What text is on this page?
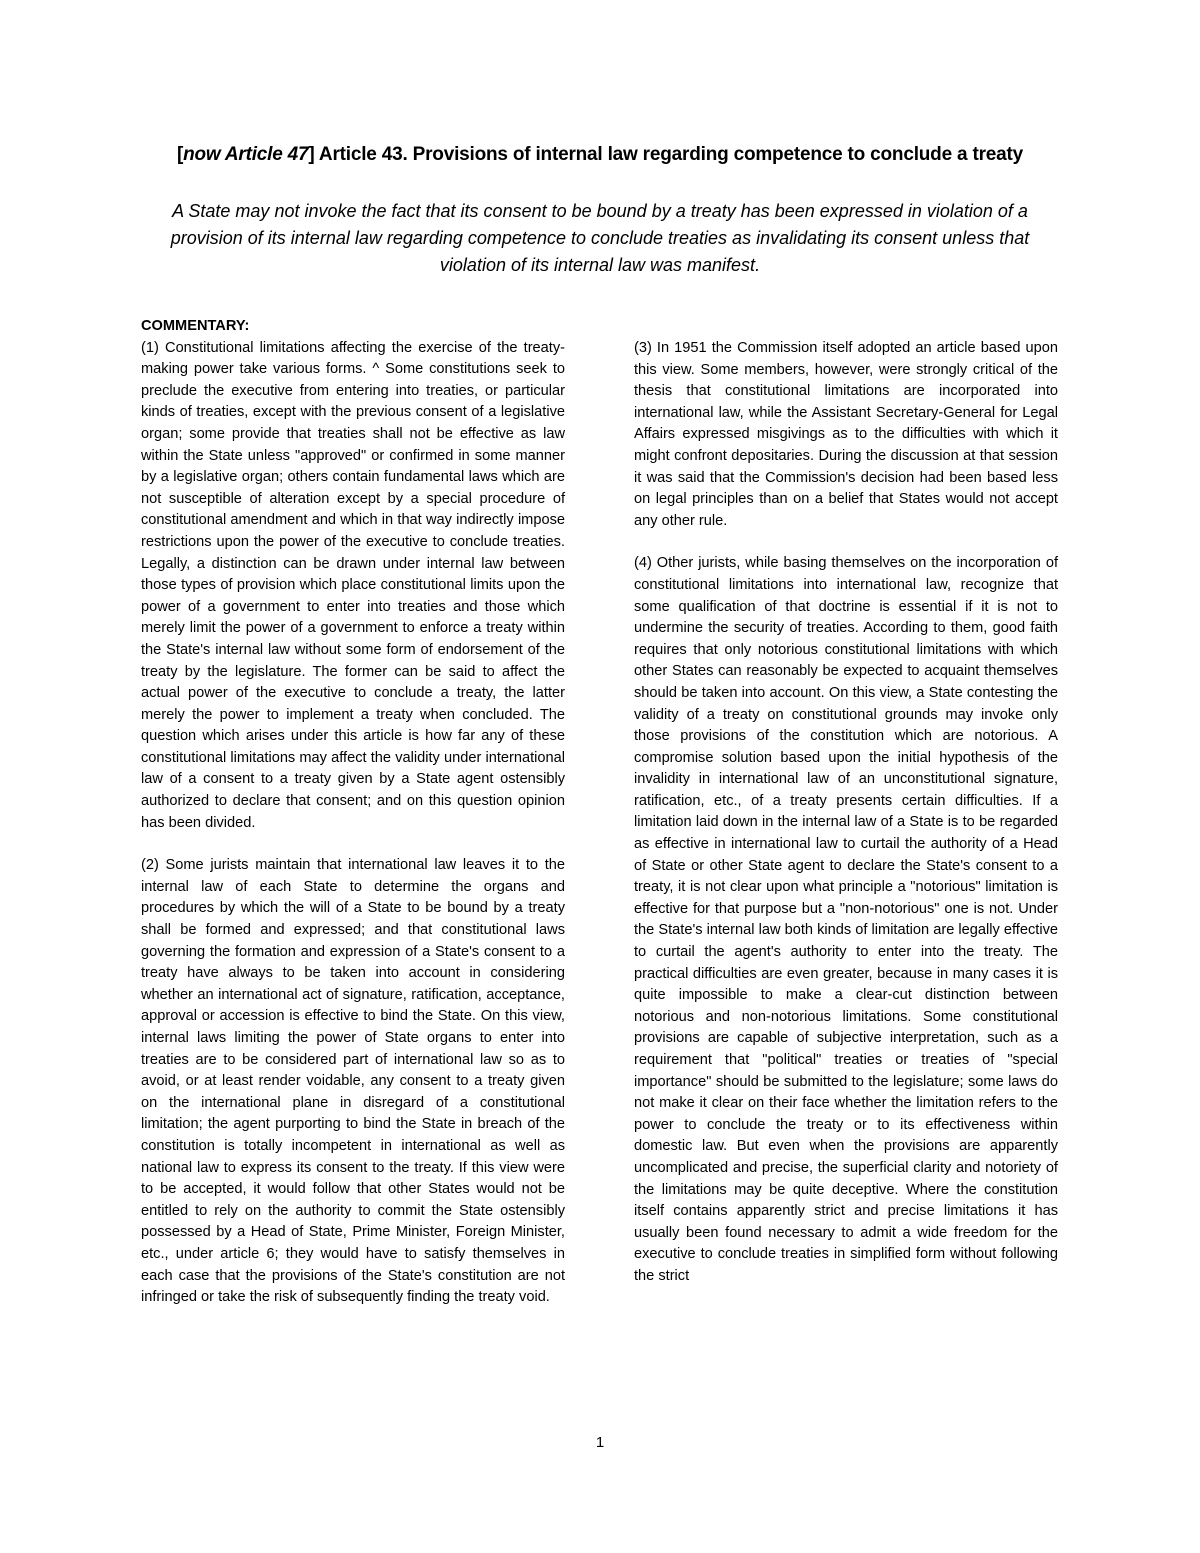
[now Article 47] Article 43. Provisions of internal law regarding competence to conclude a treaty
A State may not invoke the fact that its consent to be bound by a treaty has been expressed in violation of a provision of its internal law regarding competence to conclude treaties as invalidating its consent unless that violation of its internal law was manifest.
COMMENTARY:

(1) Constitutional limitations affecting the exercise of the treaty-making power take various forms. ^ Some constitutions seek to preclude the executive from entering into treaties, or particular kinds of treaties, except with the previous consent of a legislative organ; some provide that treaties shall not be effective as law within the State unless "approved" or confirmed in some manner by a legislative organ; others contain fundamental laws which are not susceptible of alteration except by a special procedure of constitutional amendment and which in that way indirectly impose restrictions upon the power of the executive to conclude treaties. Legally, a distinction can be drawn under internal law between those types of provision which place constitutional limits upon the power of a government to enter into treaties and those which merely limit the power of a government to enforce a treaty within the State's internal law without some form of endorsement of the treaty by the legislature. The former can be said to affect the actual power of the executive to conclude a treaty, the latter merely the power to implement a treaty when concluded. The question which arises under this article is how far any of these constitutional limitations may affect the validity under international law of a consent to a treaty given by a State agent ostensibly authorized to declare that consent; and on this question opinion has been divided.

(2) Some jurists maintain that international law leaves it to the internal law of each State to determine the organs and procedures by which the will of a State to be bound by a treaty shall be formed and expressed; and that constitutional laws governing the formation and expression of a State's consent to a treaty have always to be taken into account in considering whether an international act of signature, ratification, acceptance, approval or accession is effective to bind the State. On this view, internal laws limiting the power of State organs to enter into treaties are to be considered part of international law so as to avoid, or at least render voidable, any consent to a treaty given on the international plane in disregard of a constitutional limitation; the agent purporting to bind the State in breach of the constitution is totally incompetent in international as well as national law to express its consent to the treaty. If this view were to be accepted, it would follow that other States would not be entitled to rely on the authority to commit the State ostensibly possessed by a Head of State, Prime Minister, Foreign Minister, etc., under article 6; they would have to satisfy themselves in each case that the provisions of the State's constitution are not infringed or take the risk of subsequently finding the treaty void.

(3) In 1951 the Commission itself adopted an article based upon this view. Some members, however, were strongly critical of the thesis that constitutional limitations are incorporated into international law, while the Assistant Secretary-General for Legal Affairs expressed misgivings as to the difficulties with which it might confront depositaries. During the discussion at that session it was said that the Commission's decision had been based less on legal principles than on a belief that States would not accept any other rule.

(4) Other jurists, while basing themselves on the incorporation of constitutional limitations into international law, recognize that some qualification of that doctrine is essential if it is not to undermine the security of treaties. According to them, good faith requires that only notorious constitutional limitations with which other States can reasonably be expected to acquaint themselves should be taken into account. On this view, a State contesting the validity of a treaty on constitutional grounds may invoke only those provisions of the constitution which are notorious. A compromise solution based upon the initial hypothesis of the invalidity in international law of an unconstitutional signature, ratification, etc., of a treaty presents certain difficulties. If a limitation laid down in the internal law of a State is to be regarded as effective in international law to curtail the authority of a Head of State or other State agent to declare the State's consent to a treaty, it is not clear upon what principle a "notorious" limitation is effective for that purpose but a "non-notorious" one is not. Under the State's internal law both kinds of limitation are legally effective to curtail the agent's authority to enter into the treaty. The practical difficulties are even greater, because in many cases it is quite impossible to make a clear-cut distinction between notorious and non-notorious limitations. Some constitutional provisions are capable of subjective interpretation, such as a requirement that "political" treaties or treaties of "special importance" should be submitted to the legislature; some laws do not make it clear on their face whether the limitation refers to the power to conclude the treaty or to its effectiveness within domestic law. But even when the provisions are apparently uncomplicated and precise, the superficial clarity and notoriety of the limitations may be quite deceptive. Where the constitution itself contains apparently strict and precise limitations it has usually been found necessary to admit a wide freedom for the executive to conclude treaties in simplified form without following the strict

1
